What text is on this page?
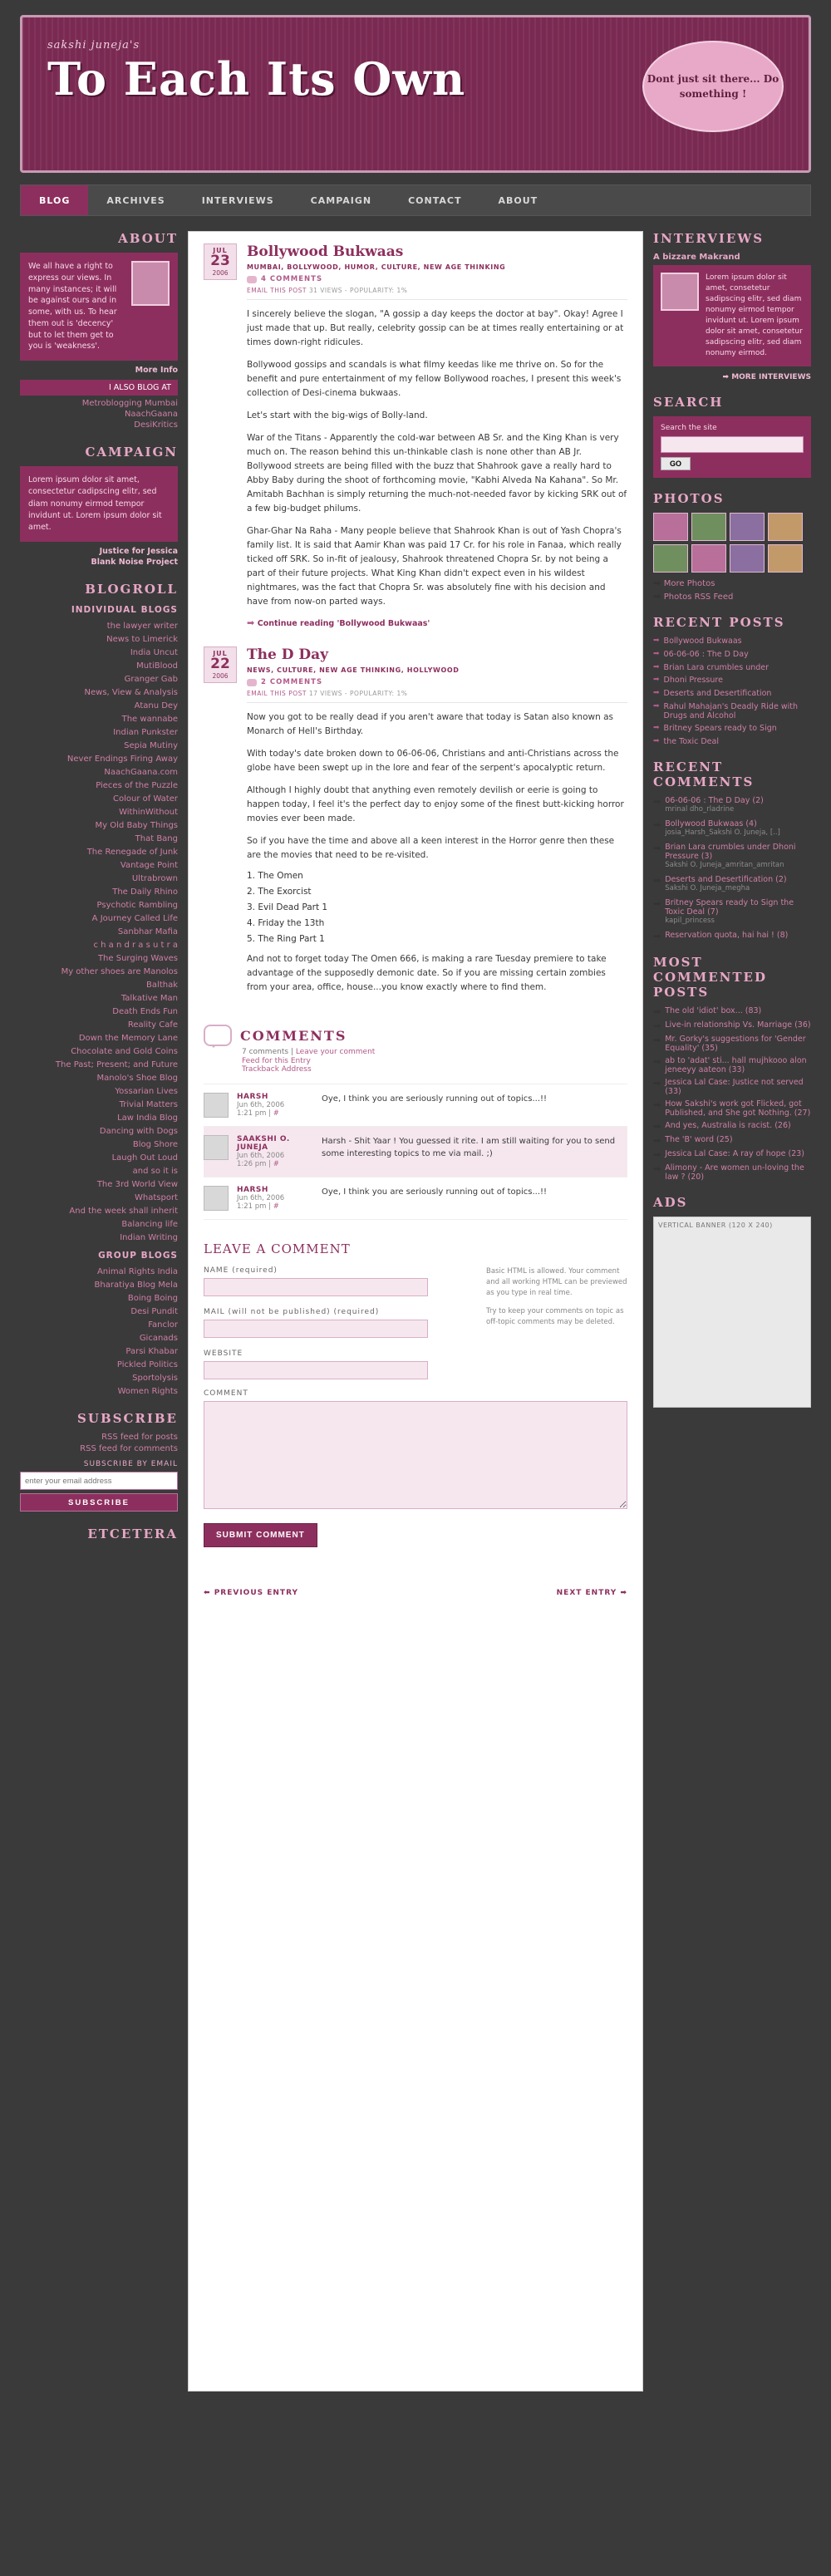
sakshi juneja's
To Each Its Own	Dont just sit there... Do something !
BLOG	ARCHIVES	INTERVIEWS	CAMPAIGN	CONTACT	ABOUT
ABOUT

We all have a right to express our views. In many instances; it will be against ours and in some, with us. To hear them out is 'decency' but to let them get to you is 'weakness'.

More Info
I ALSO BLOG AT
Metroblogging Mumbai
NaachGaana
DesiKritics
CAMPAIGN
Lorem ipsum dolor sit amet, consectetur cadipscing elitr, sed diam nonumy eirmod tempor invidunt ut. Lorem ipsum dolor sit amet.
Justice for Jessica
Blank Noise Project
BLOGROLL
INDIVIDUAL BLOGS
the lawyer writer
News to Limerick
India Uncut
MutiBlood
Granger Gab
News, View & Analysis
Atanu Dey
The wannabe
Indian Punkster
Sepia Mutiny
Never Endings Firing Away
NaachGaana.com
Pieces of the Puzzle
Colour of Water
WithinWithout
My Old Baby Things
That Bang
The Renegade of Junk
Vantage Point
Ultrabrown
The Daily Rhino
Psychotic Rambling
A Journey Called Life
Sanbhar Mafia
c h a n d r a s u t r a
The Surging Waves
My other shoes are Manolos
Balthak
Talkative Man
Death Ends Fun
Reality Cafe
Down the Memory Lane
Chocolate and Gold Coins
The Past; Present; and Future
Manolo's Shoe Blog
Yossarian Lives
Trivial Matters
Law India Blog
Dancing with Dogs
Blog Shore
Laugh Out Loud
and so it is
The 3rd World View
Whatsport
And the week shall inherit
Balancing life
Indian Writing
GROUP BLOGS
Animal Rights India
Bharatiya Blog Mela
Boing Boing
Desi Pundit
Fanclor
Gicanads
Parsi Khabar
Pickled Politics
Sportolysis
Women Rights
SUBSCRIBE
RSS feed for posts
RSS feed for comments
SUBSCRIBE BY EMAIL
enter your email address SUBSCRIBE
ETCETERA
JUL
23
2006
Bollywood Bukwaas
MUMBAI, BOLLYWOOD, HUMOR, CULTURE, NEW AGE THINKING
4 COMMENTS
EMAIL THIS POST 31 VIEWS - POPULARITY: 1%

I sincerely believe the slogan, "A gossip a day keeps the doctor at bay". Okay! Agree I just made that up. But really, celebrity gossip can be at times really entertaining or at times down-right ridicules.

Bollywood gossips and scandals is what filmy keedas like me thrive on. So for the benefit and pure entertainment of my fellow Bollywood roaches, I present this week's collection of Desi-cinema bukwaas.

Let's start with the big-wigs of Bolly-land.

War of the Titans - Apparently the cold-war between AB Sr. and the King Khan is very much on. The reason behind this un-thinkable clash is none other than AB Jr. Bollywood streets are being filled with the buzz that Shahrook gave a really hard to Abby Baby during the shoot of forthcoming movie, "Kabhi Alveda Na Kahana". So Mr. Amitabh Bachhan is simply returning the much-not-needed favor by kicking SRK out of a few big-budget philums.

Ghar-Ghar Na Raha - Many people believe that Shahrook Khan is out of Yash Chopra's family list. It is said that Aamir Khan was paid 17 Cr. for his role in Fanaa, which really ticked off SRK. So in-fit of jealousy, Shahrook threatened Chopra Sr. by not being a part of their future projects. What King Khan didn't expect even in his wildest nightmares, was the fact that Chopra Sr. was absolutely fine with his decision and have from now-on parted ways.

➡ Continue reading 'Bollywood Bukwaas'
JUL
22
2006
The D Day
NEWS, CULTURE, NEW AGE THINKING, HOLLYWOOD
2 COMMENTS
EMAIL THIS POST 17 VIEWS - POPULARITY: 1%

Now you got to be really dead if you aren't aware that today is Satan also known as Monarch of Hell's Birthday.

With today's date broken down to 06-06-06, Christians and anti-Christians across the globe have been swept up in the lore and fear of the serpent's apocalyptic return.

Although I highly doubt that anything even remotely devilish or eerie is going to happen today, I feel it's the perfect day to enjoy some of the finest butt-kicking horror movies ever been made.

So if you have the time and above all a keen interest in the Horror genre then these are the movies that need to be re-visited.

1. The Omen

2. The Exorcist

3. Evil Dead Part 1

4. Friday the 13th

5. The Ring Part 1

And not to forget today The Omen 666, is making a rare Tuesday premiere to take advantage of the supposedly demonic date. So if you are missing certain zombies from your area, office, house...you know exactly where to find them.

COMMENTS
7 comments | Leave your comment
Feed for this Entry
Trackback Address
HARSH
Jun 6th, 2006
1:21 pm | #
Oye, I think you are seriously running out of topics...!!
SAAKSHI O. JUNEJA
Jun 6th, 2006
1:26 pm | #
Harsh - Shit Yaar ! You guessed it rite. I am still waiting for you to send some interesting topics to me via mail. ;)
HARSH
Jun 6th, 2006
1:21 pm | #
Oye, I think you are seriously running out of topics...!!
LEAVE A COMMENT
NAME (required)
MAIL (will not be published) (required)
WEBSITE

Basic HTML is allowed. Your comment and all working HTML can be previewed as you type in real time.

Try to keep your comments on topic as off-topic comments may be deleted.

COMMENT
SUBMIT COMMENT
⬅ PREVIOUS ENTRY	NEXT ENTRY ➡
INTERVIEWS
A bizzare Makrand

Lorem ipsum dolor sit amet, consetetur sadipscing elitr, sed diam nonumy eirmod tempor invidunt ut. Lorem ipsum dolor sit amet, consetetur sadipscing elitr, sed diam nonumy eirmod.

➡ MORE INTERVIEWS
SEARCH
Search the site
GO
PHOTOS
➡ More Photos
➡ Photos RSS Feed
RECENT POSTS
➡ Bollywood Bukwaas
➡ 06-06-06 : The D Day
➡ Brian Lara crumbles under
➡ Dhoni Pressure
➡ Deserts and Desertification
➡ Rahul Mahajan's Deadly Ride with Drugs and Alcohol
➡ Britney Spears ready to Sign
➡ the Toxic Deal
RECENT COMMENTS
➡ 06-06-06 : The D Day (2)
mrinal dho_rladrine
➡ Bollywood Bukwaas (4)
josia_Harsh_Sakshi O. Juneja, [..]
➡ Brian Lara crumbles under Dhoni Pressure (3)
Sakshi O. Juneja_amritan_amritan
➡ Deserts and Desertification (2)
Sakshi O. Juneja_megha
➡ Britney Spears ready to Sign the Toxic Deal (7)
kapil_princess
➡ Reservation quota, hai hai ! (8)
MOST COMMENTED POSTS
➡ The old 'idiot' box... (83)
➡ Live-in relationship Vs. Marriage (36)
➡ Mr. Gorky's suggestions for 'Gender Equality' (35)
➡ ab to 'adat' sti... hall mujhkooo alon jeneeyy aateon (33)
➡ Jessica Lal Case: Justice not served (33)
➡ How Sakshi's work got Flicked, got Published, and She got Nothing. (27)
➡ And yes, Australia is racist. (26)
➡ The 'B' word (25)
➡ Jessica Lal Case: A ray of hope (23)
➡ Alimony - Are women un-loving the law ? (20)
ADS
VERTICAL BANNER (120 X 240)
